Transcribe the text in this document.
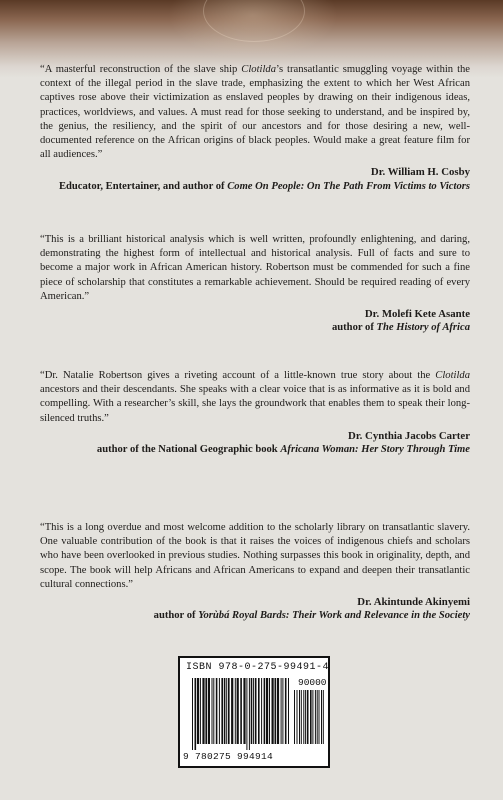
“A masterful reconstruction of the slave ship Clotilda’s transatlantic smuggling voyage within the context of the illegal period in the slave trade, emphasizing the extent to which her West African captives rose above their victimization as enslaved peoples by drawing on their indigenous ideas, practices, worldviews, and values. A must read for those seeking to understand, and be inspired by, the genius, the resiliency, and the spirit of our ancestors and for those desiring a new, well-documented reference on the African origins of black peoples. Would make a great feature film for all audiences.”

Dr. William H. Cosby
Educator, Entertainer, and author of Come On People: On The Path From Victims to Victors

“This is a brilliant historical analysis which is well written, profoundly enlightening, and daring, demonstrating the highest form of intellectual and historical analysis. Full of facts and sure to become a major work in African American history. Robertson must be commended for such a fine piece of scholarship that constitutes a remarkable achievement. Should be required reading of every American.”

Dr. Molefi Kete Asante
author of The History of Africa

“Dr. Natalie Robertson gives a riveting account of a little-known true story about the Clotilda ancestors and their descendants. She speaks with a clear voice that is as informative as it is bold and compelling. With a researcher’s skill, she lays the groundwork that enables them to speak their long-silenced truths.”

Dr. Cynthia Jacobs Carter
author of the National Geographic book Africana Woman: Her Story Through Time

“This is a long overdue and most welcome addition to the scholarly library on transatlantic slavery. One valuable contribution of the book is that it raises the voices of indigenous chiefs and scholars who have been overlooked in previous studies. Nothing surpasses this book in originality, depth, and scope. The book will help Africans and African Americans to expand and deepen their transatlantic cultural connections.”

Dr. Akintunde Akinyemi
author of Yorùbá Royal Bards: Their Work and Relevance in the Society
ISBN 978-0-275-99491-4
90000
9 780275 994914
